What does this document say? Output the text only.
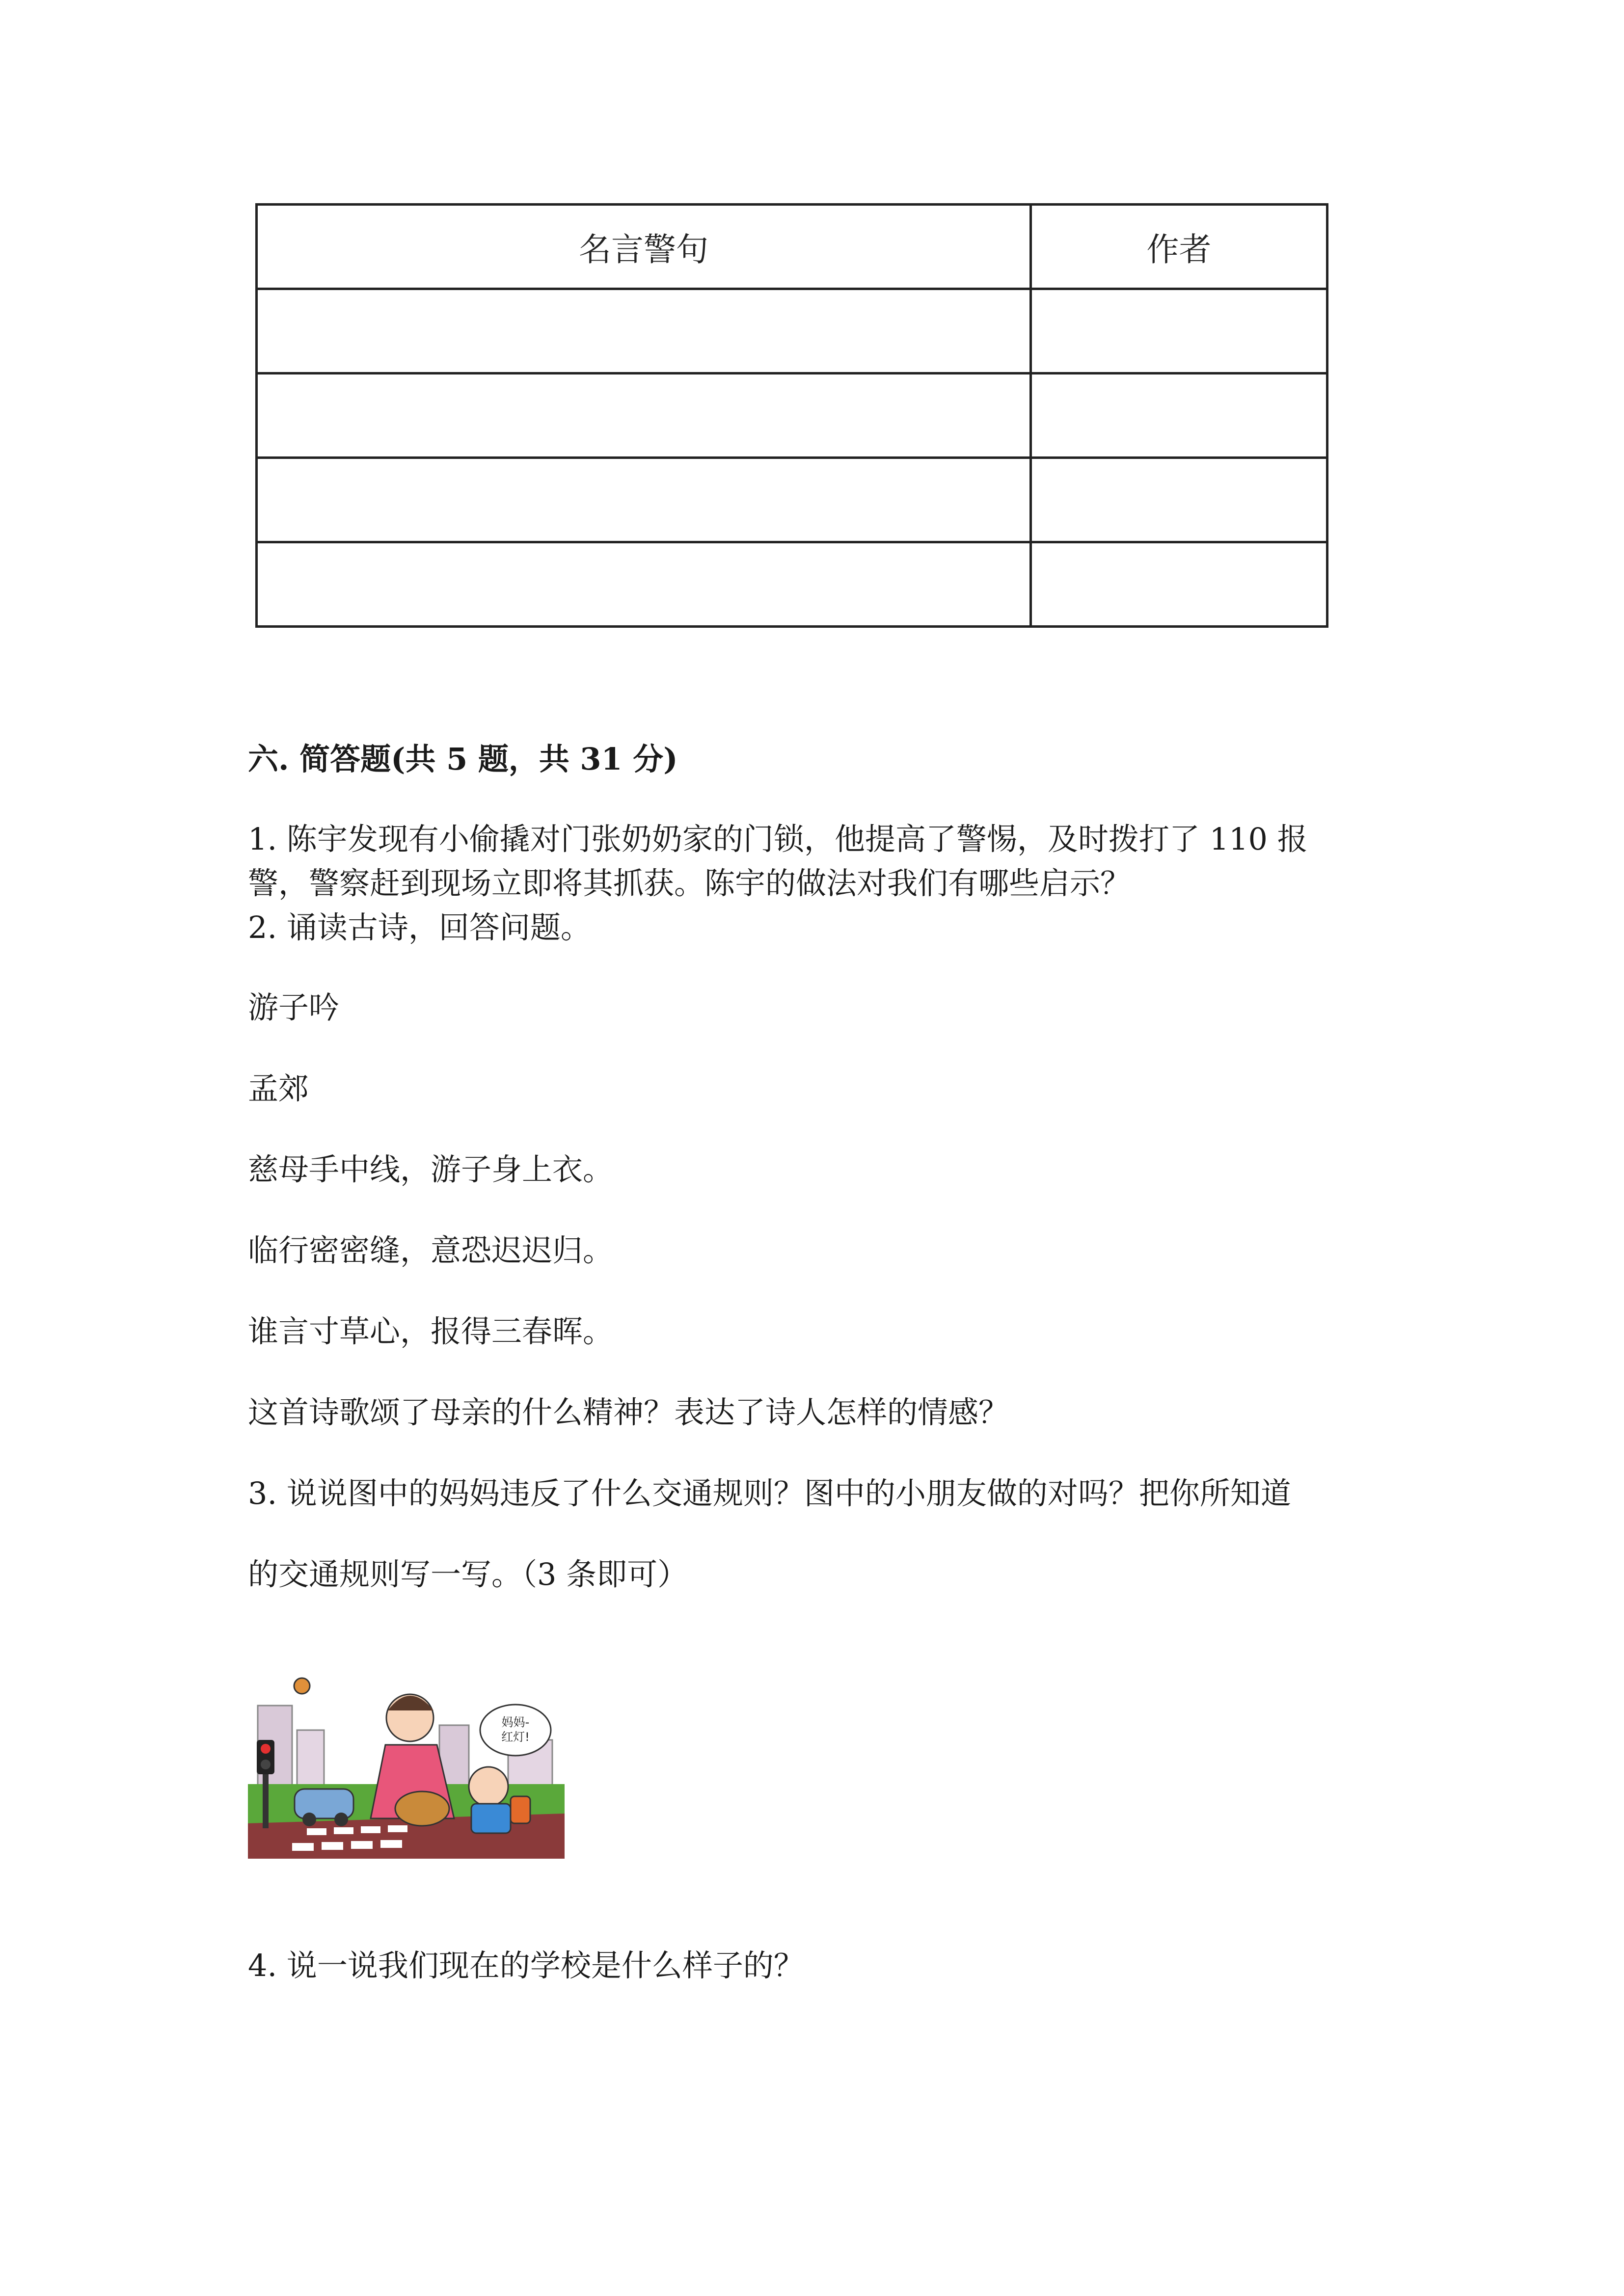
名言警句	作者

六. 简答题(共 5 题，共 31 分)
1. 陈宇发现有小偷撬对门张奶奶家的门锁，他提高了警惕，及时拨打了 110 报
警，警察赶到现场立即将其抓获。陈宇的做法对我们有哪些启示？
2. 诵读古诗，回答问题。
游子吟
孟郊
慈母手中线，游子身上衣。
临行密密缝，意恐迟迟归。
谁言寸草心，报得三春晖。
这首诗歌颂了母亲的什么精神？表达了诗人怎样的情感？
3. 说说图中的妈妈违反了什么交通规则？图中的小朋友做的对吗？把你所知道
的交通规则写一写。（3 条即可）
妈妈-
红灯!
4. 说一说我们现在的学校是什么样子的？
